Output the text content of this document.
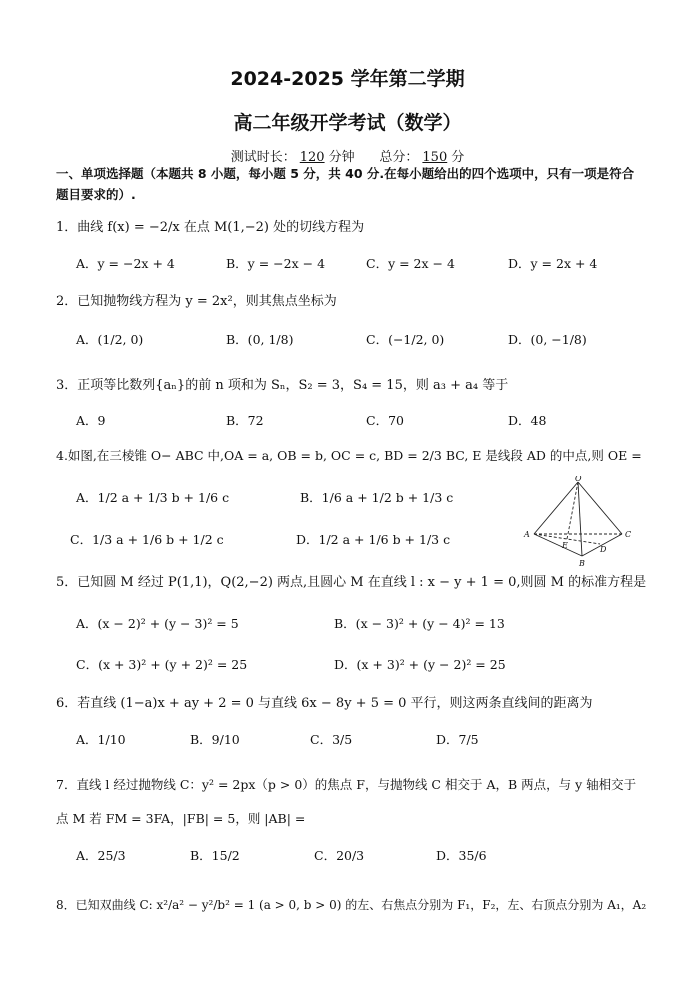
2024-2025 学年第二学期
高二年级开学考试（数学）
测试时长： 120 分钟 总分： 150 分
一、单项选择题（本题共 8 小题，每小题 5 分，共 40 分.在每小题给出的四个选项中，只有一项是符合题目要求的）.
1．曲线 f(x) = −2/x 在点 M(1,−2) 处的切线方程为
A．y = −2x + 4	B．y = −2x − 4	C．y = 2x − 4	D．y = 2x + 4
2．已知抛物线方程为 y = 2x²，则其焦点坐标为
A．(1/2, 0)	B．(0, 1/8)	C．(−1/2, 0)	D．(0, −1/8)
3．正项等比数列{aₙ}的前 n 项和为 Sₙ，S₂ = 3，S₄ = 15，则 a₃ + a₄ 等于
A．9	B．72	C．70	D．48
4.如图,在三棱锥 O− ABC 中,OA = a, OB = b, OC = c, BD = 2/3 BC, E 是线段 AD 的中点,则 OE =
A．1/2 a + 1/3 b + 1/6 c	B．1/6 a + 1/2 b + 1/3 c
C．1/3 a + 1/6 b + 1/2 c	D．1/2 a + 1/6 b + 1/3 c
O
A
B
C
D
E
5．已知圆 M 经过 P(1,1)，Q(2,−2) 两点,且圆心 M 在直线 l : x − y + 1 = 0,则圆 M 的标准方程是
A．(x − 2)² + (y − 3)² = 5	B．(x − 3)² + (y − 4)² = 13
C．(x + 3)² + (y + 2)² = 25	D．(x + 3)² + (y − 2)² = 25
6．若直线 (1−a)x + ay + 2 = 0 与直线 6x − 8y + 5 = 0 平行，则这两条直线间的距离为
A．1/10	B．9/10	C．3/5	D．7/5
7．直线 l 经过抛物线 C：y² = 2px（p > 0）的焦点 F，与抛物线 C 相交于 A，B 两点，与 y 轴相交于点 M 若 FM = 3FA，|FB| = 5，则 |AB| =
A．25/3	B．15/2	C．20/3	D．35/6
8．已知双曲线 C: x²/a² − y²/b² = 1 (a > 0, b > 0) 的左、右焦点分别为 F₁，F₂，左、右顶点分别为 A₁，A₂
